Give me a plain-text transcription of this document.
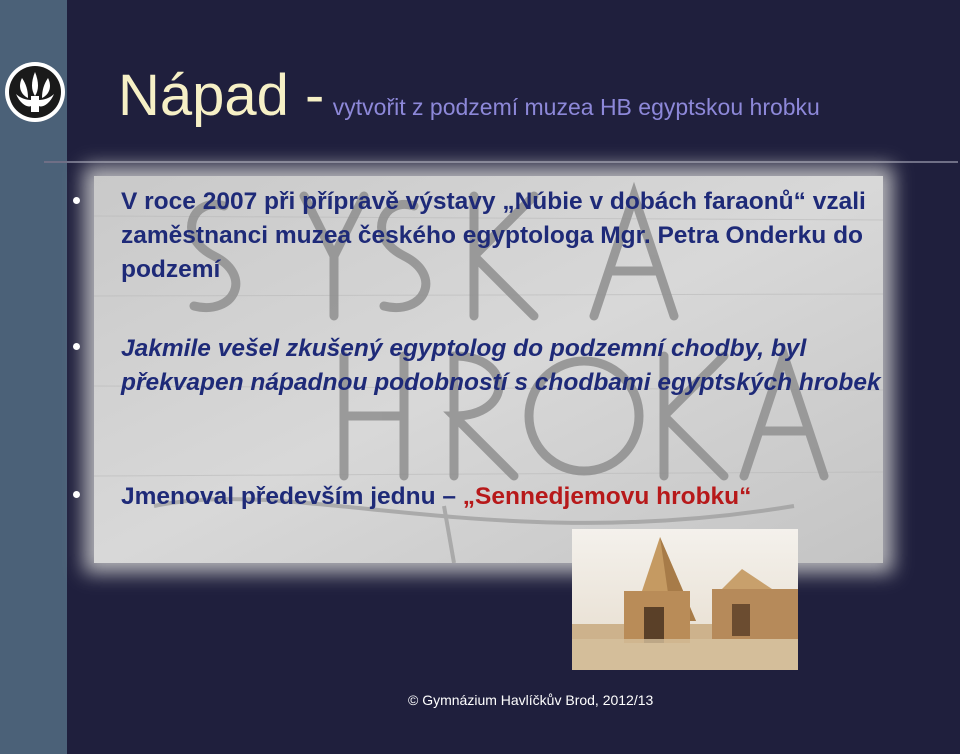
Nápad - vytvořit z podzemí muzea HB egyptskou hrobku
V roce 2007 při přípravě výstavy „Núbie v dobách faraonů“ vzali zaměstnanci muzea českého egyptologa Mgr. Petra Onderku do podzemí
Jakmile vešel zkušený egyptolog do podzemní chodby, byl překvapen nápadnou podobností s chodbami egyptských hrobek
Jmenoval především jednu – „Sennedjemovu hrobku“
© Gymnázium Havlíčkův Brod, 2012/13
